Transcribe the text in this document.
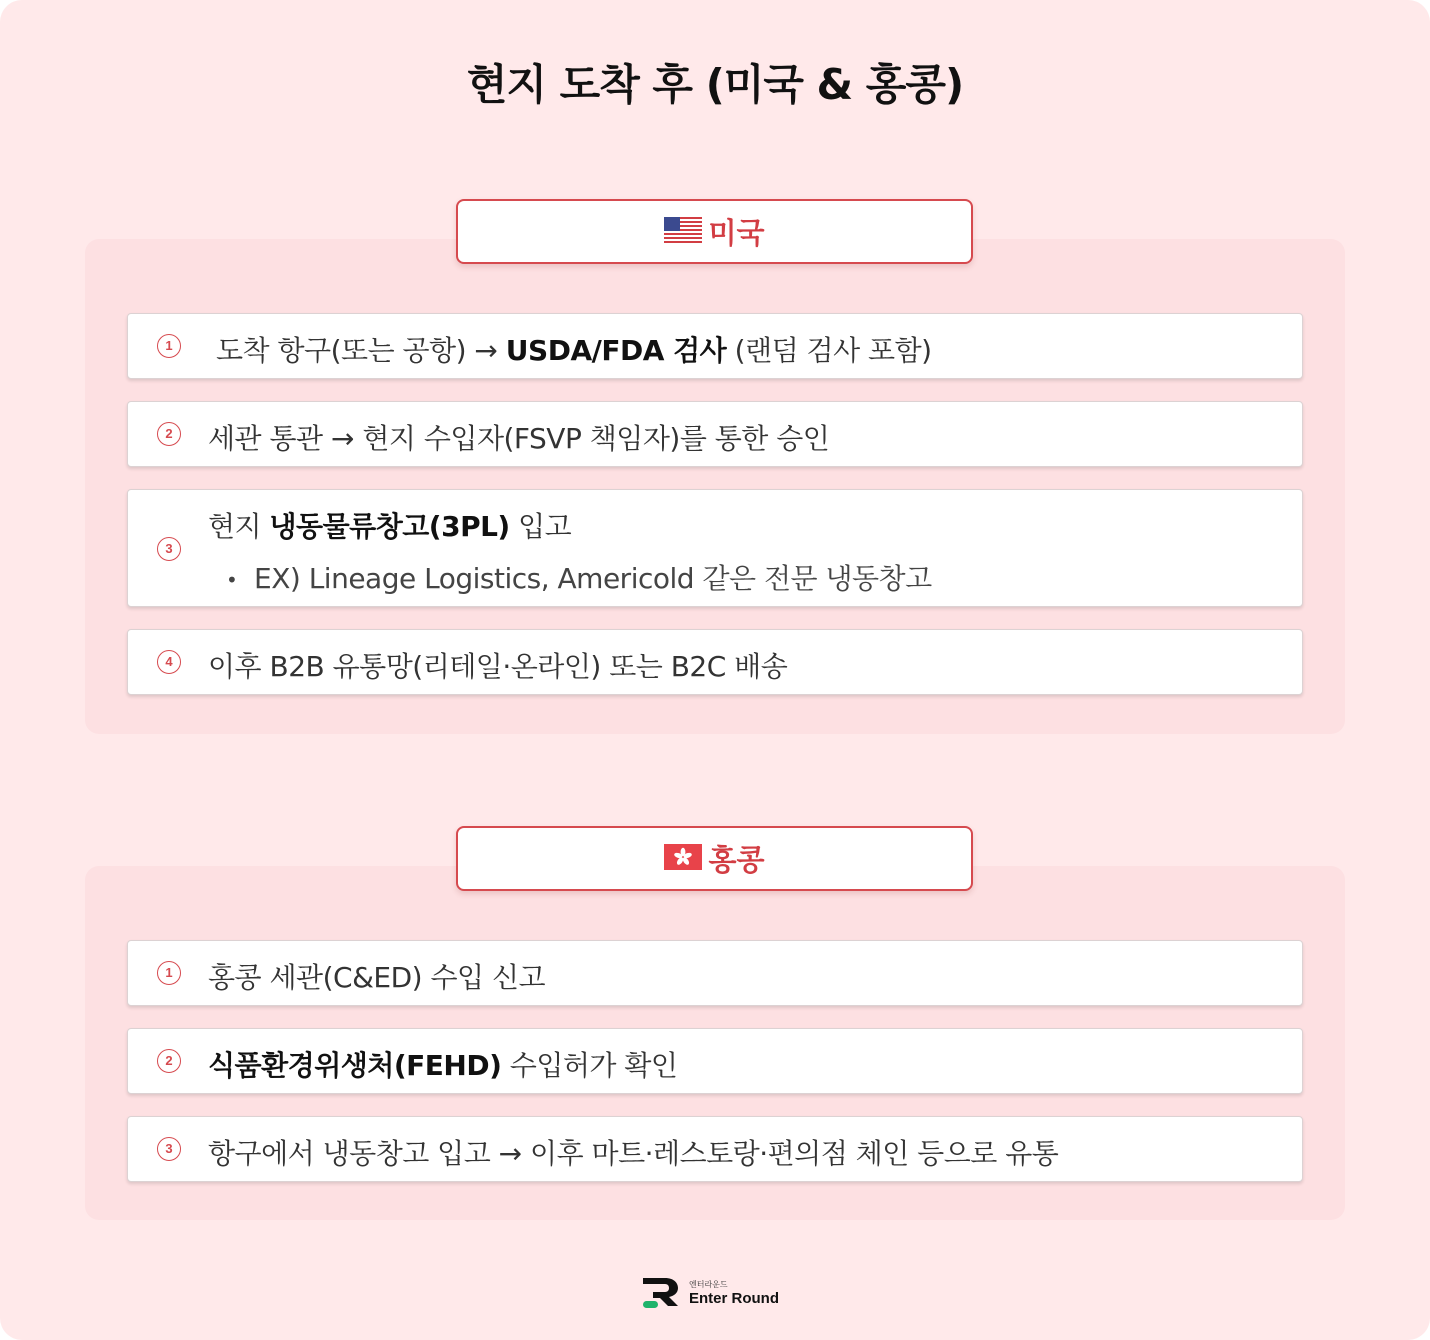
현지 도착 후 (미국 & 홍콩)
미국
1 도착 항구(또는 공항) → USDA/FDA 검사 (랜덤 검사 포함)
2 세관 통관 → 현지 수입자(FSVP 책임자)를 통한 승인
3
현지 냉동물류창고(3PL) 입고
• EX) Lineage Logistics, Americold 같은 전문 냉동창고
4 이후 B2B 유통망(리테일·온라인) 또는 B2C 배송
홍콩
1 홍콩 세관(C&ED) 수입 신고
2 식품환경위생처(FEHD) 수입허가 확인
3 항구에서 냉동창고 입고 → 이후 마트·레스토랑·편의점 체인 등으로 유통
엔터라운드
Enter Round
